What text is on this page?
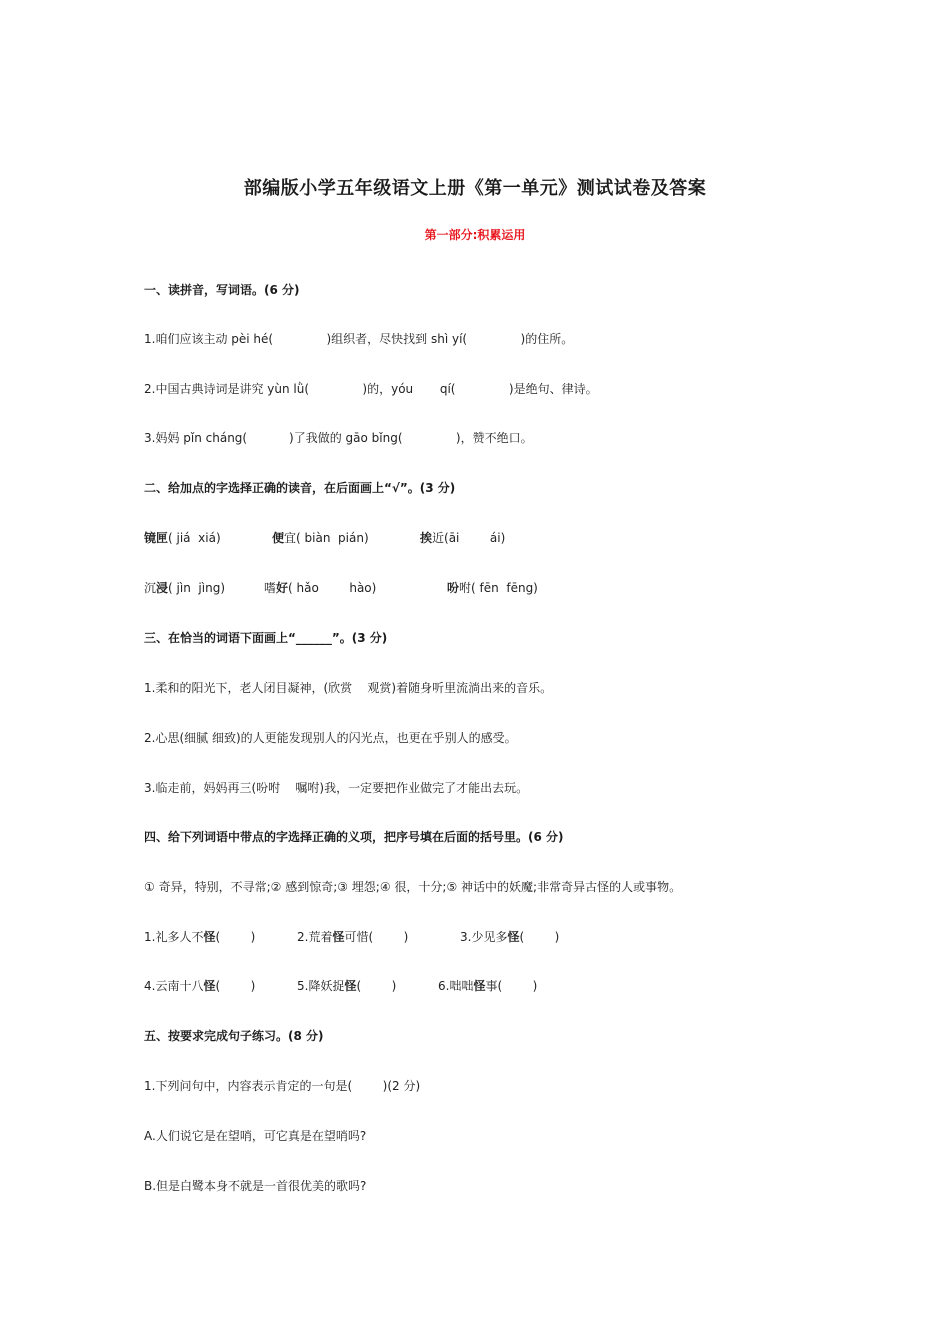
部编版小学五年级语文上册《第一单元》测试试卷及答案
第一部分:积累运用
一、读拼音，写词语。(6 分)
1.咱们应该主动 pèi hé(              )组织者，尽快找到 shì yí(              )的住所。
2.中国古典诗词是讲究 yùn lǜ(              )的，yóu       qí(              )是绝句、律诗。
3.妈妈 pǐn cháng(           )了我做的 gāo bǐng(              )，赞不绝口。
二、给加点的字选择正确的读音，在后面画上“√”。(3 分)
镜匣( jiá  xiá)	便宜( biàn  pián)	挨近(āi        ái)
沉浸( jìn  jìng)	嗜好( hǎo        hào)	吩咐( fēn  fēng)
三、在恰当的词语下面画上“______”。(3 分)
1.柔和的阳光下，老人闭目凝神，(欣赏    观赏)着随身听里流淌出来的音乐。
2.心思(细腻 细致)的人更能发现别人的闪光点，也更在乎别人的感受。
3.临走前，妈妈再三(吩咐    嘱咐)我，一定要把作业做完了才能出去玩。
四、给下列词语中带点的字选择正确的义项，把序号填在后面的括号里。(6 分)
① 奇异，特别，不寻常;② 感到惊奇;③ 埋怨;④ 很，十分;⑤ 神话中的妖魔;非常奇异古怪的人或事物。
1.礼多人不怪(        )	2.荒着怪可惜(        )	3.少见多怪(        )
4.云南十八怪(        )	5.降妖捉怪(        )	6.咄咄怪事(        )
五、按要求完成句子练习。(8 分)
1.下列问句中，内容表示肯定的一句是(        )(2 分)
A.人们说它是在望哨，可它真是在望哨吗?
B.但是白鹭本身不就是一首很优美的歌吗?
